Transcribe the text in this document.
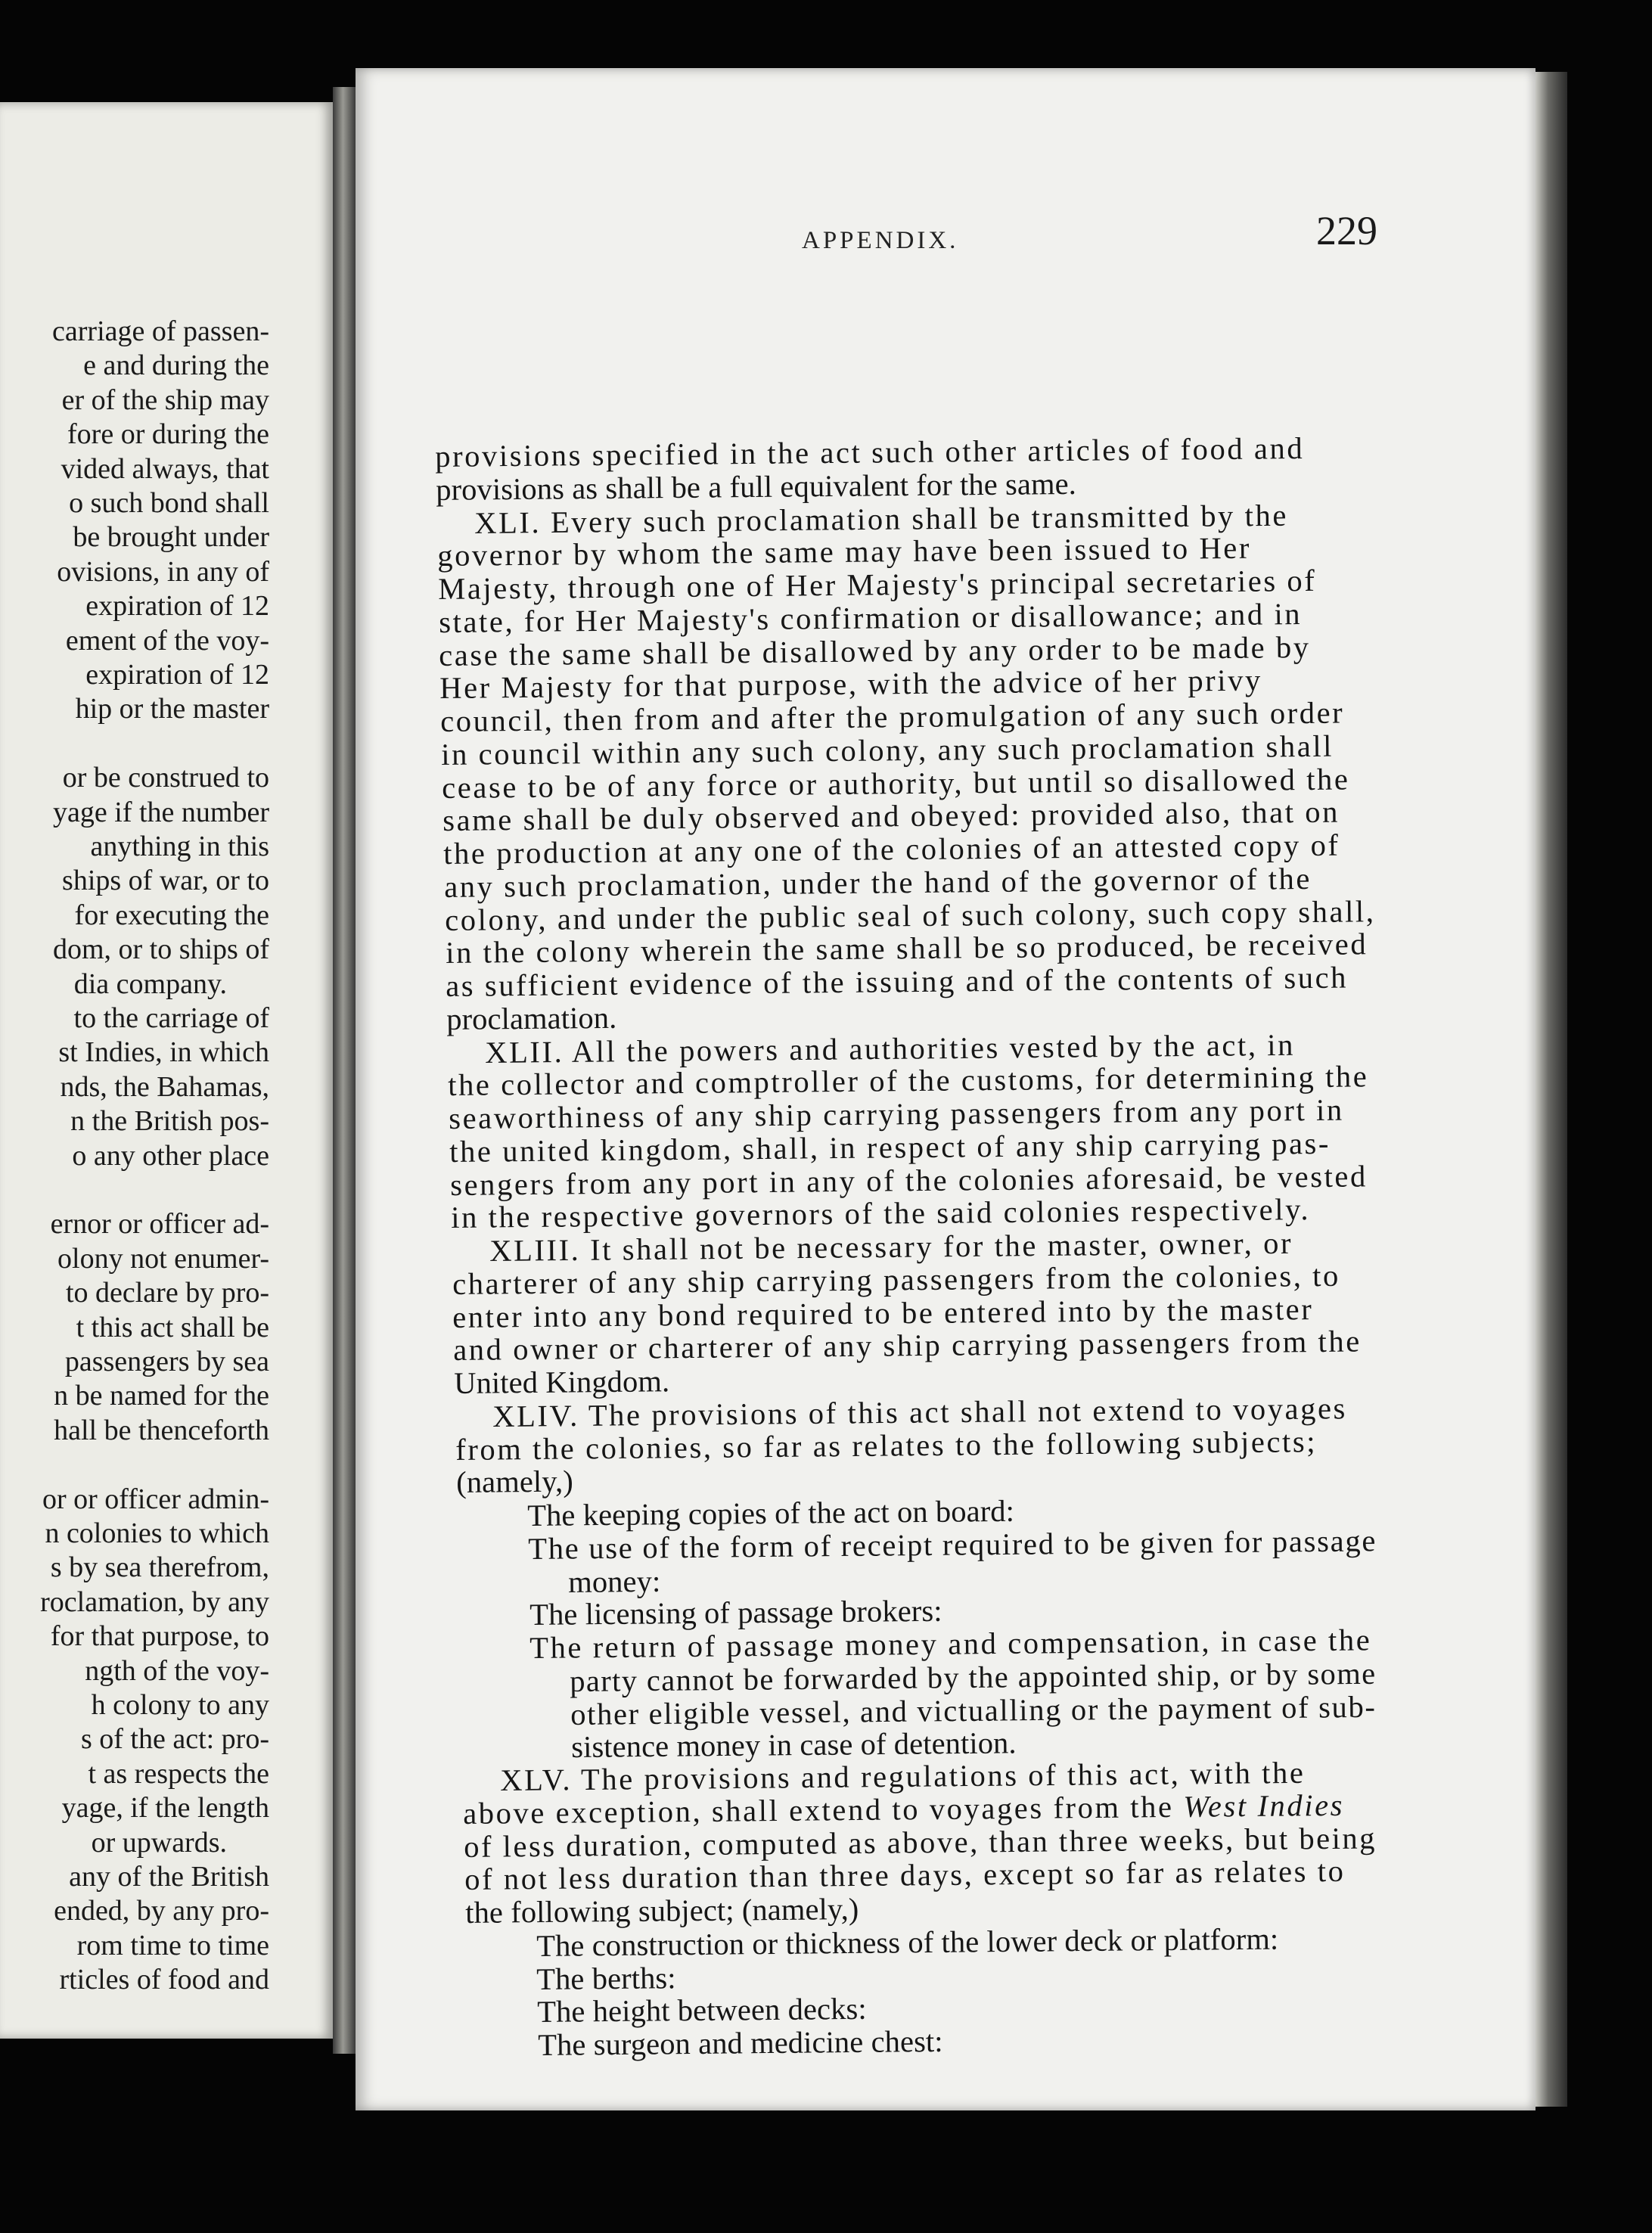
carriage of passen-
e and during the
er of the ship may
fore or during the
vided always, that
o such bond shall
be brought under
ovisions, in any of
expiration of 12
ement of the voy-
expiration of 12
hip or the master
or be construed to
yage if the number
anything in this
ships of war, or to
for executing the
dom, or to ships of
dia company.
to the carriage of
st Indies, in which
nds, the Bahamas,
n the British pos-
o any other place
ernor or officer ad-
olony not enumer-
to declare by pro-
t this act shall be
passengers by sea
n be named for the
hall be thenceforth
or or officer admin-
n colonies to which
s by sea therefrom,
roclamation, by any
for that purpose, to
ngth of the voy-
h colony to any
s of the act: pro-
t as respects the
yage, if the length
or upwards.
any of the British
ended, by any pro-
rom time to time
rticles of food and
APPENDIX.	229
provisions specified in the act such other articles of food and
provisions as shall be a full equivalent for the same.
XLI. Every such proclamation shall be transmitted by the
governor by whom the same may have been issued to Her
Majesty, through one of Her Majesty's principal secretaries of
state, for Her Majesty's confirmation or disallowance; and in
case the same shall be disallowed by any order to be made by
Her Majesty for that purpose, with the advice of her privy
council, then from and after the promulgation of any such order
in council within any such colony, any such proclamation shall
cease to be of any force or authority, but until so disallowed the
same shall be duly observed and obeyed: provided also, that on
the production at any one of the colonies of an attested copy of
any such proclamation, under the hand of the governor of the
colony, and under the public seal of such colony, such copy shall,
in the colony wherein the same shall be so produced, be received
as sufficient evidence of the issuing and of the contents of such
proclamation.
XLII. All the powers and authorities vested by the act, in
the collector and comptroller of the customs, for determining the
seaworthiness of any ship carrying passengers from any port in
the united kingdom, shall, in respect of any ship carrying pas-
sengers from any port in any of the colonies aforesaid, be vested
in the respective governors of the said colonies respectively.
XLIII. It shall not be necessary for the master, owner, or
charterer of any ship carrying passengers from the colonies, to
enter into any bond required to be entered into by the master
and owner or charterer of any ship carrying passengers from the
United Kingdom.
XLIV. The provisions of this act shall not extend to voyages
from the colonies, so far as relates to the following subjects;
(namely,)
The keeping copies of the act on board:
The use of the form of receipt required to be given for passage
money:
The licensing of passage brokers:
The return of passage money and compensation, in case the
party cannot be forwarded by the appointed ship, or by some
other eligible vessel, and victualling or the payment of sub-
sistence money in case of detention.
XLV. The provisions and regulations of this act, with the
above exception, shall extend to voyages from the West Indies
of less duration, computed as above, than three weeks, but being
of not less duration than three days, except so far as relates to
the following subject; (namely,)
The construction or thickness of the lower deck or platform:
The berths:
The height between decks:
The surgeon and medicine chest:
